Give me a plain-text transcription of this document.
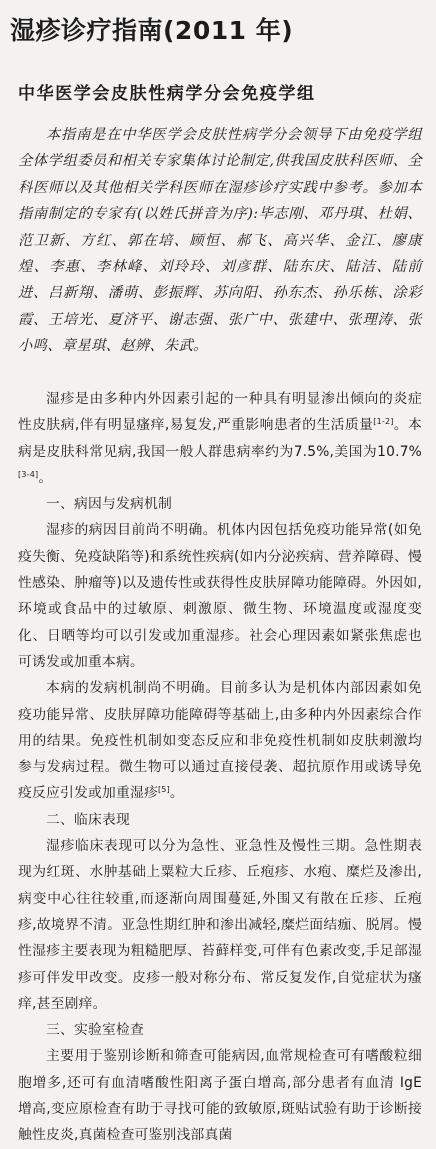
湿疹诊疗指南(2011 年)
中华医学会皮肤性病学分会免疫学组

本指南是在中华医学会皮肤性病学分会领导下由免疫学组全体学组委员和相关专家集体讨论制定,供我国皮肤科医师、全科医师以及其他相关学科医师在湿疹诊疗实践中参考。参加本指南制定的专家有(以姓氏拼音为序):毕志刚、邓丹琪、杜娟、范卫新、方红、郭在培、顾恒、郝飞、高兴华、金江、廖康煌、李惠、李林峰、刘玲玲、刘彦群、陆东庆、陆洁、陆前进、吕新翔、潘萌、彭振辉、苏向阳、孙东杰、孙乐栋、涂彩霞、王培光、夏济平、谢志强、张广中、张建中、张理涛、张小鸣、章星琪、赵辨、朱武。

湿疹是由多种内外因素引起的一种具有明显渗出倾向的炎症性皮肤病,伴有明显瘙痒,易复发,严重影响患者的生活质量[1-2]。本病是皮肤科常见病,我国一般人群患病率约为7.5%,美国为10.7%[3-4]。

一、病因与发病机制

湿疹的病因目前尚不明确。机体内因包括免疫功能异常(如免疫失衡、免疫缺陷等)和系统性疾病(如内分泌疾病、营养障碍、慢性感染、肿瘤等)以及遗传性或获得性皮肤屏障功能障碍。外因如,环境或食品中的过敏原、刺激原、微生物、环境温度或湿度变化、日晒等均可以引发或加重湿疹。社会心理因素如紧张焦虑也可诱发或加重本病。

本病的发病机制尚不明确。目前多认为是机体内部因素如免疫功能异常、皮肤屏障功能障碍等基础上,由多种内外因素综合作用的结果。免疫性机制如变态反应和非免疫性机制如皮肤刺激均参与发病过程。微生物可以通过直接侵袭、超抗原作用或诱导免疫反应引发或加重湿疹[5]。

二、临床表现

湿疹临床表现可以分为急性、亚急性及慢性三期。急性期表现为红斑、水肿基础上粟粒大丘疹、丘疱疹、水疱、糜烂及渗出,病变中心往往较重,而逐渐向周围蔓延,外围又有散在丘疹、丘疱疹,故境界不清。亚急性期红肿和渗出减轻,糜烂面结痂、脱屑。慢性湿疹主要表现为粗糙肥厚、苔藓样变,可伴有色素改变,手足部湿疹可伴发甲改变。皮疹一般对称分布、常反复发作,自觉症状为瘙痒,甚至剧痒。

三、实验室检查

主要用于鉴别诊断和筛查可能病因,血常规检查可有嗜酸粒细胞增多,还可有血清嗜酸性阳离子蛋白增高,部分患者有血清 IgE 增高,变应原检查有助于寻找可能的致敏原,斑贴试验有助于诊断接触性皮炎,真菌检查可鉴别浅部真菌
